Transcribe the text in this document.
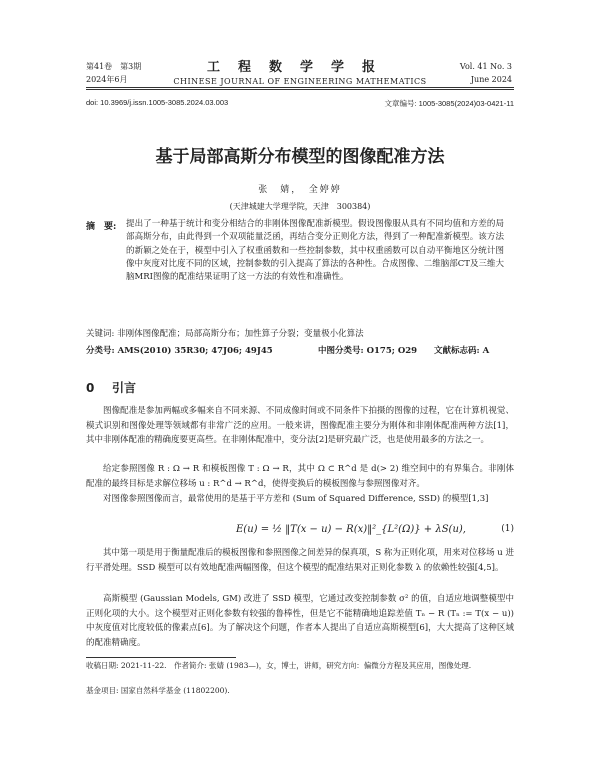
第41卷　第3期
2024年6月
工程数学学报
CHINESE JOURNAL OF ENGINEERING MATHEMATICS
Vol. 41 No. 3
June 2024
doi: 10.3969/j.issn.1005-3085.2024.03.003	文章编号: 1005-3085(2024)03-0421-11
基于局部高斯分布模型的图像配准方法
张　婧，　全婷婷
(天津城建大学理学院，天津　300384)
摘　要: 提出了一种基于统计和变分相结合的非刚体图像配准新模型。假设图像服从具有不同均值和方差的局部高斯分布，由此得到一个双项能量泛函，再结合变分正则化方法，得到了一种配准新模型。该方法的新颖之处在于，模型中引入了权重函数和一些控制参数，其中权重函数可以自动平衡地区分统计图像中灰度对比度不同的区域，控制参数的引入提高了算法的各种性。合成图像、二维脑部CT及三维大脑MRI图像的配准结果证明了这一方法的有效性和准确性。
关键词: 非刚体图像配准；局部高斯分布；加性算子分裂；变量极小化算法
分类号: AMS(2010) 35R30; 47J06; 49J45	中图分类号: O175; O29 文献标志码: A
0 引言
图像配准是参加两幅或多幅来自不同来源、不同成像时间或不同条件下拍摄的图像的过程，它在计算机视觉、模式识别和图像处理等领域都有非常广泛的应用。一般来讲，图像配准主要分为刚体和非刚体配准两种方法[1]，其中非刚体配准的精确度要更高些。在非刚体配准中，变分法[2]是研究最广泛，也是使用最多的方法之一。
给定参照图像 R : Ω → R 和模板图像 T : Ω → R，其中 Ω ⊂ R^d 是 d(> 2) 维空间中的有界集合。非刚体配准的最终目标是求解位移场 u : R^d → R^d，使得变换后的模板图像与参照图像对齐。
对图像参照图像而言，最常使用的是基于平方差和 (Sum of Squared Difference, SSD) 的模型[1,3]
E(u) = ½ ‖T(x − u) − R(x)‖²_{L²(Ω)} + λS(u),	(1)
其中第一项是用于衡量配准后的模板图像和参照图像之间差异的保真项，S 称为正则化项，用来对位移场 u 进行平滑处理。SSD 模型可以有效地配准两幅图像，但这个模型的配准结果对正则化参数 λ 的依赖性较强[4,5]。
高斯模型 (Gaussian Models, GM) 改进了 SSD 模型，它通过改变控制参数 σ² 的值，自适应地调整模型中正则化项的大小。这个模型对正则化参数有较强的鲁棒性，但是它不能精确地追踪差值 Tₙ − R (Tₙ := T(x − u)) 中灰度值对比度较低的像素点[6]。为了解决这个问题，作者本人提出了自适应高斯模型[6]，大大提高了这种区域的配准精确度。
收稿日期: 2021-11-22.　作者简介: 张婧 (1983—)，女，博士，讲师，研究方向：偏微分方程及其应用，图像处理.
基金项目: 国家自然科学基金 (11802200).
